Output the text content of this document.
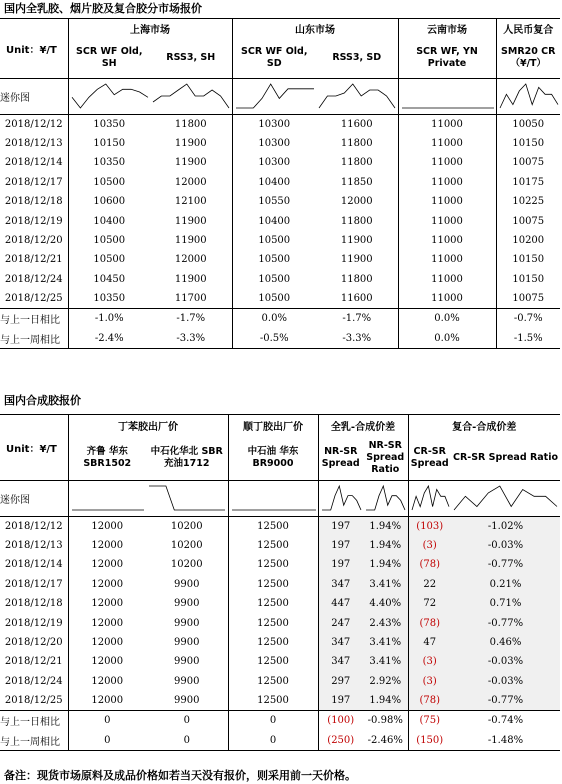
国内全乳胶、烟片胶及复合胶分市场报价
Unit：¥/T	上海市场		山东市场		云南市场	人民币复合
	SCR WF Old, SH	RSS3, SH	SCR WF Old, SD	RSS3, SD	SCR WF, YN Private	SMR20 CR（¥/T）
迷你图	

2018/12/12	10350	11800	10300	11600	11000	10050
2018/12/13	10150	11900	10300	11800	11000	10150
2018/12/14	10350	11900	10300	11800	11000	10075
2018/12/17	10500	12000	10400	11850	11000	10175
2018/12/18	10600	12100	10550	12000	11000	10225
2018/12/19	10400	11900	10400	11800	11000	10075
2018/12/20	10500	11900	10500	11900	11000	10200
2018/12/21	10500	12000	10500	11900	11000	10150
2018/12/24	10450	11900	10500	11800	11000	10150
2018/12/25	10350	11700	10500	11600	11000	10075
与上一日相比	-1.0%	-1.7%	0.0%	-1.7%	0.0%	-0.7%
与上一周相比	-2.4%	-3.3%	-0.5%	-3.3%	0.0%	-1.5%
国内合成胶报价
Unit：¥/T	丁苯胶出厂价		顺丁胶出厂价	全乳-合成价差		复合-合成价差	
	齐鲁 华东 SBR1502	中石化华北 SBR 充油1712	中石油 华东 BR9000	NR-SR Spread	NR-SR Spread Ratio	CR-SR Spread	CR-SR Spread Ratio
迷你图	

2018/12/12	12000	10200	12500	197	1.94%	(103)	-1.02%
2018/12/13	12000	10200	12500	197	1.94%	(3)	-0.03%
2018/12/14	12000	10200	12500	197	1.94%	(78)	-0.77%
2018/12/17	12000	9900	12500	347	3.41%	22	0.21%
2018/12/18	12000	9900	12500	447	4.40%	72	0.71%
2018/12/19	12000	9900	12500	247	2.43%	(78)	-0.77%
2018/12/20	12000	9900	12500	347	3.41%	47	0.46%
2018/12/21	12000	9900	12500	347	3.41%	(3)	-0.03%
2018/12/24	12000	9900	12500	297	2.92%	(3)	-0.03%
2018/12/25	12000	9900	12500	197	1.94%	(78)	-0.77%
与上一日相比	0	0	0	(100)	-0.98%	(75)	-0.74%
与上一周相比	0	0	0	(250)	-2.46%	(150)	-1.48%
备注：现货市场原料及成品价格如若当天没有报价，则采用前一天价格。
